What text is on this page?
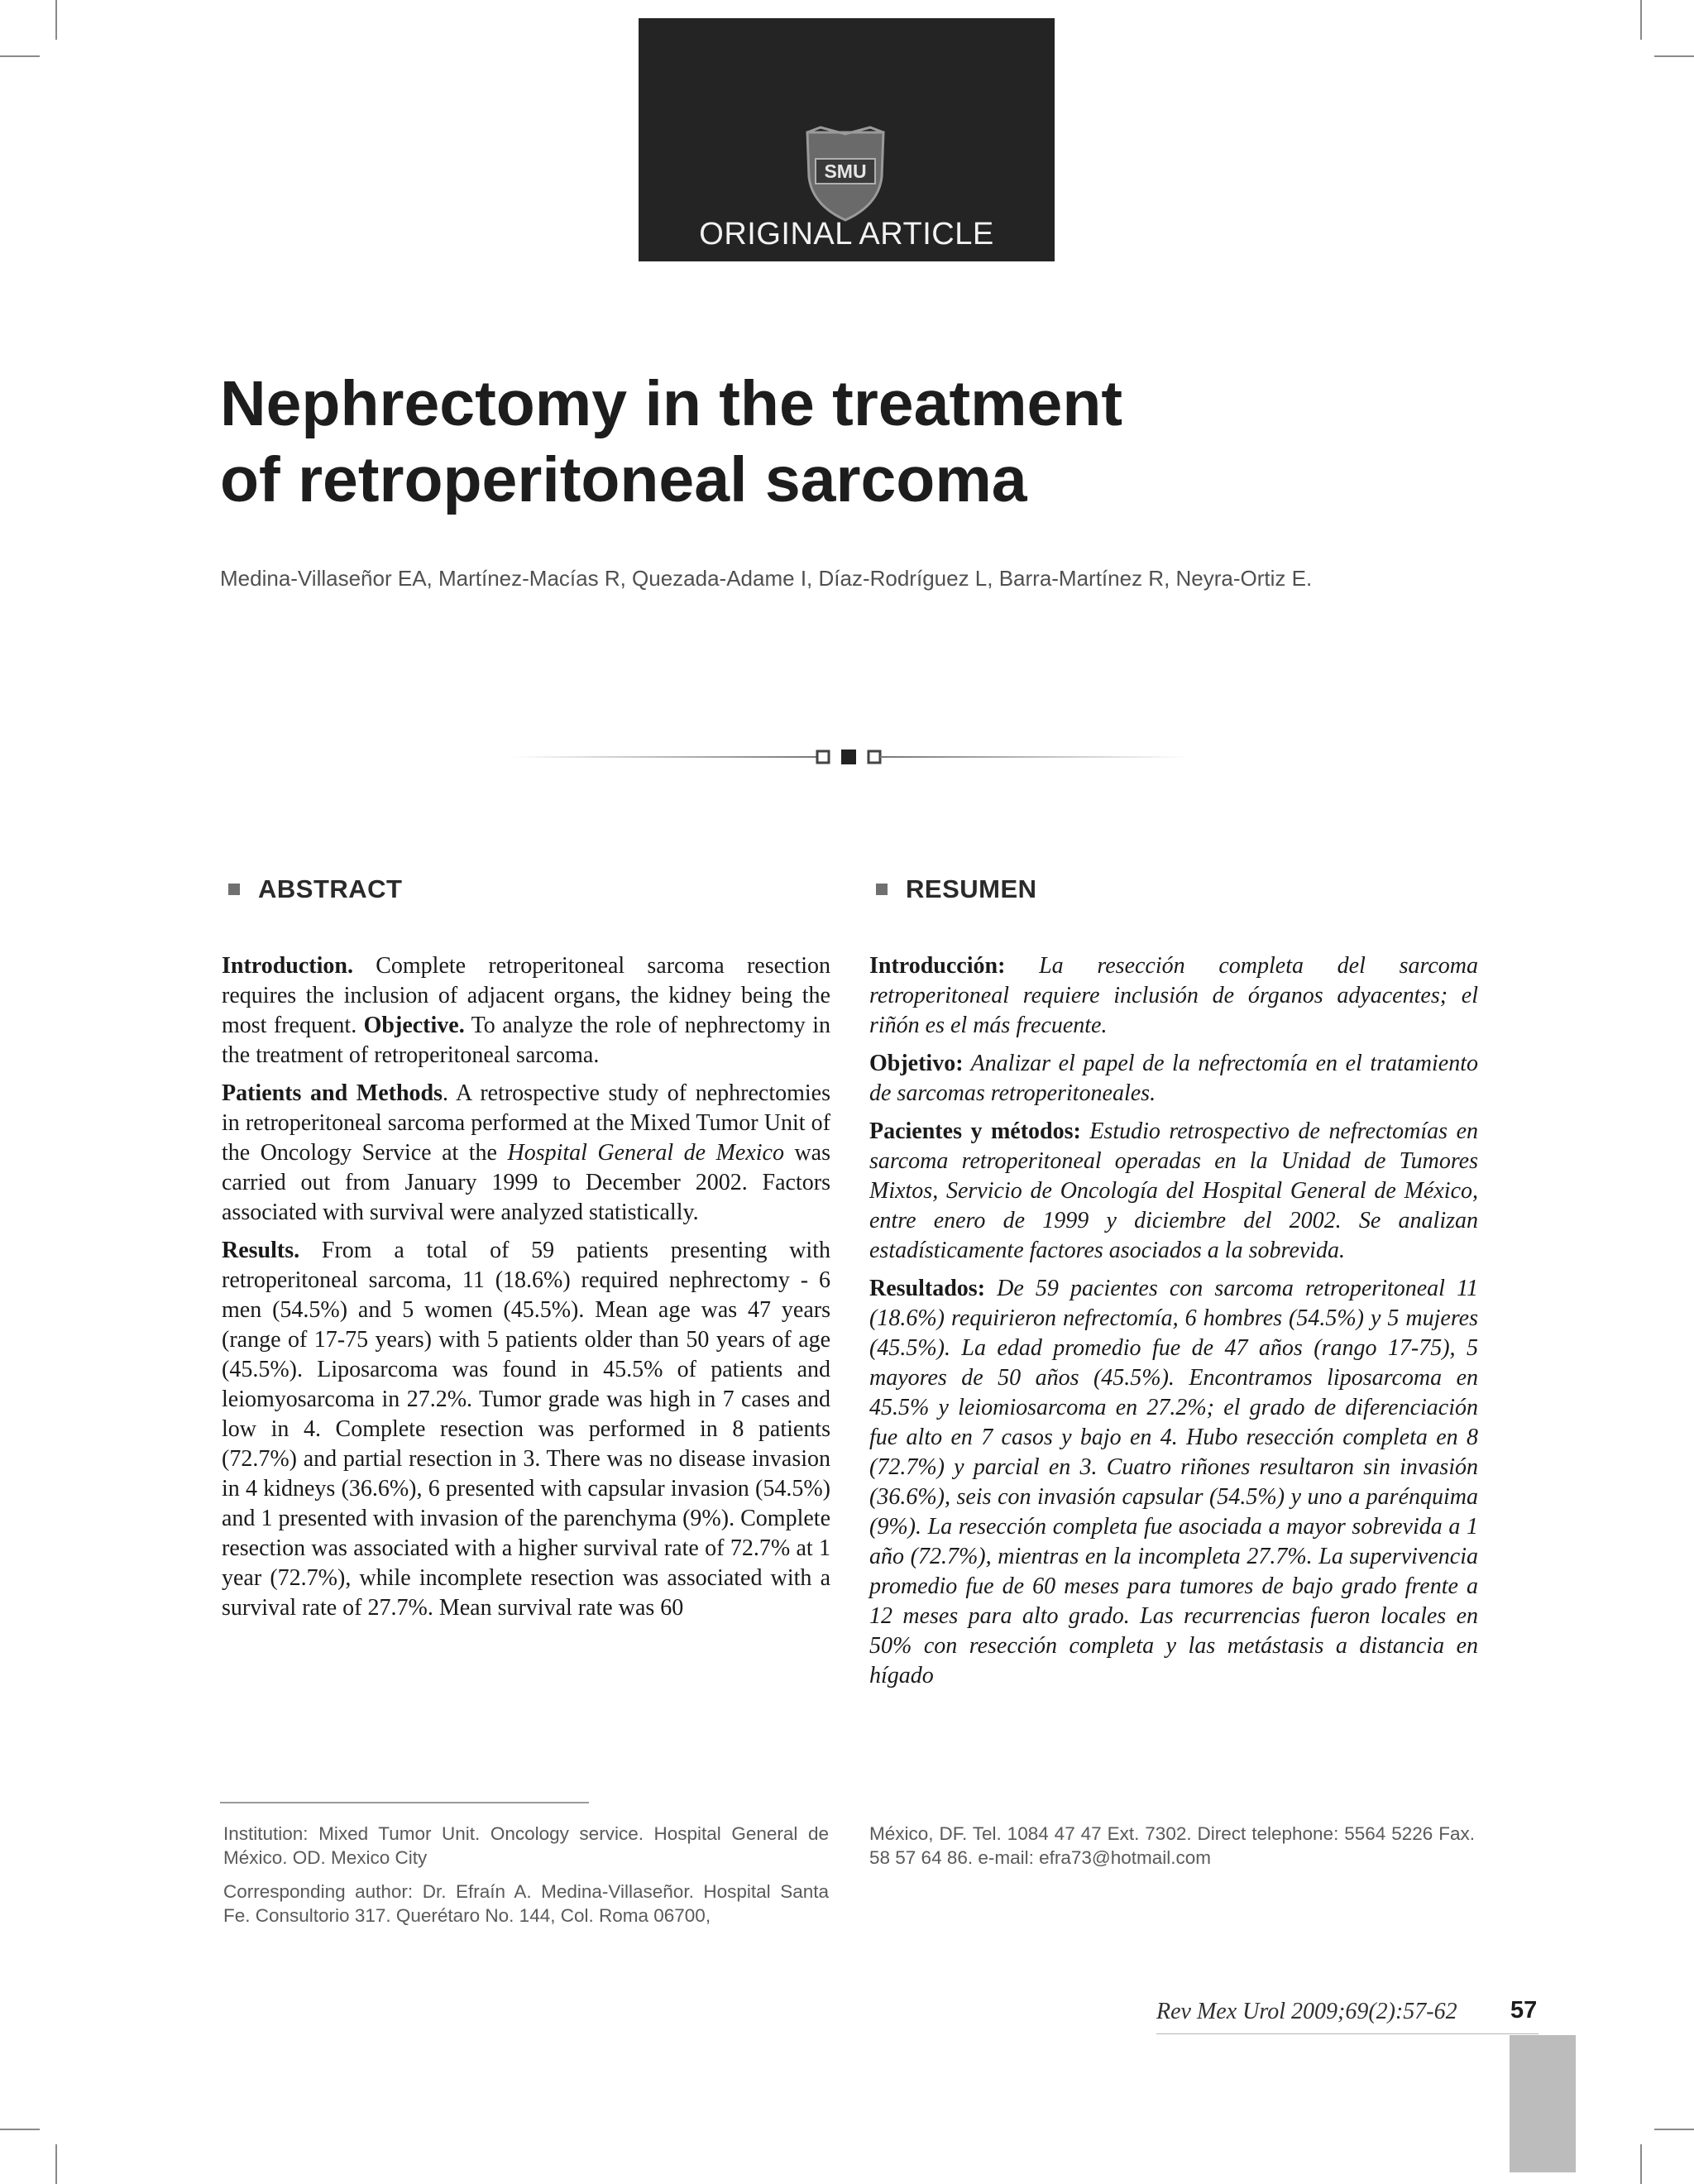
SMU
ORIGINAL ARTICLE
Nephrectomy in the treatment
of retroperitoneal sarcoma
Medina-Villaseñor EA, Martínez-Macías R, Quezada-Adame I, Díaz-Rodríguez L, Barra-Martínez R, Neyra-Ortiz E.
ABSTRACT

Introduction. Complete retroperitoneal sarcoma resection requires the inclusion of adjacent organs, the kidney being the most frequent. Objective. To analyze the role of nephrectomy in the treatment of retroperitoneal sarcoma.

Patients and Methods. A retrospective study of nephrectomies in retroperitoneal sarcoma performed at the Mixed Tumor Unit of the Oncology Service at the Hospital General de Mexico was carried out from January 1999 to December 2002. Factors associated with survival were analyzed statistically.

Results. From a total of 59 patients presenting with retroperitoneal sarcoma, 11 (18.6%) required nephrectomy - 6 men (54.5%) and 5 women (45.5%). Mean age was 47 years (range of 17-75 years) with 5 patients older than 50 years of age (45.5%). Liposarcoma was found in 45.5% of patients and leiomyosarcoma in 27.2%. Tumor grade was high in 7 cases and low in 4. Complete resection was performed in 8 patients (72.7%) and partial resection in 3. There was no disease invasion in 4 kidneys (36.6%), 6 presented with capsular invasion (54.5%) and 1 presented with invasion of the parenchyma (9%). Complete resection was associated with a higher survival rate of 72.7% at 1 year (72.7%), while incomplete resection was associated with a survival rate of 27.7%. Mean survival rate was 60

RESUMEN

Introducción: La resección completa del sarcoma retroperitoneal requiere inclusión de órganos adyacentes; el riñón es el más frecuente.

Objetivo: Analizar el papel de la nefrectomía en el tratamiento de sarcomas retroperitoneales.

Pacientes y métodos: Estudio retrospectivo de nefrectomías en sarcoma retroperitoneal operadas en la Unidad de Tumores Mixtos, Servicio de Oncología del Hospital General de México, entre enero de 1999 y diciembre del 2002. Se analizan estadísticamente factores asociados a la sobrevida.

Resultados: De 59 pacientes con sarcoma retroperitoneal 11 (18.6%) requirieron nefrectomía, 6 hombres (54.5%) y 5 mujeres (45.5%). La edad promedio fue de 47 años (rango 17-75), 5 mayores de 50 años (45.5%). Encontramos liposarcoma en 45.5% y leiomiosarcoma en 27.2%; el grado de diferenciación fue alto en 7 casos y bajo en 4. Hubo resección completa en 8 (72.7%) y parcial en 3. Cuatro riñones resultaron sin invasión (36.6%), seis con invasión capsular (54.5%) y uno a parénquima (9%). La resección completa fue asociada a mayor sobrevida a 1 año (72.7%), mientras en la incompleta 27.7%. La supervivencia promedio fue de 60 meses para tumores de bajo grado frente a 12 meses para alto grado. Las recurrencias fueron locales en 50% con resección completa y las metástasis a distancia en hígado

Institution: Mixed Tumor Unit. Oncology service. Hospital General de México. OD. Mexico City

Corresponding author: Dr. Efraín A. Medina-Villaseñor. Hospital Santa Fe. Consultorio 317. Querétaro No. 144, Col. Roma 06700,

México, DF. Tel. 1084 47 47 Ext. 7302. Direct telephone: 5564 5226 Fax. 58 57 64 86. e-mail: efra73@hotmail.com

Rev Mex Urol 2009;69(2):57-62 57
